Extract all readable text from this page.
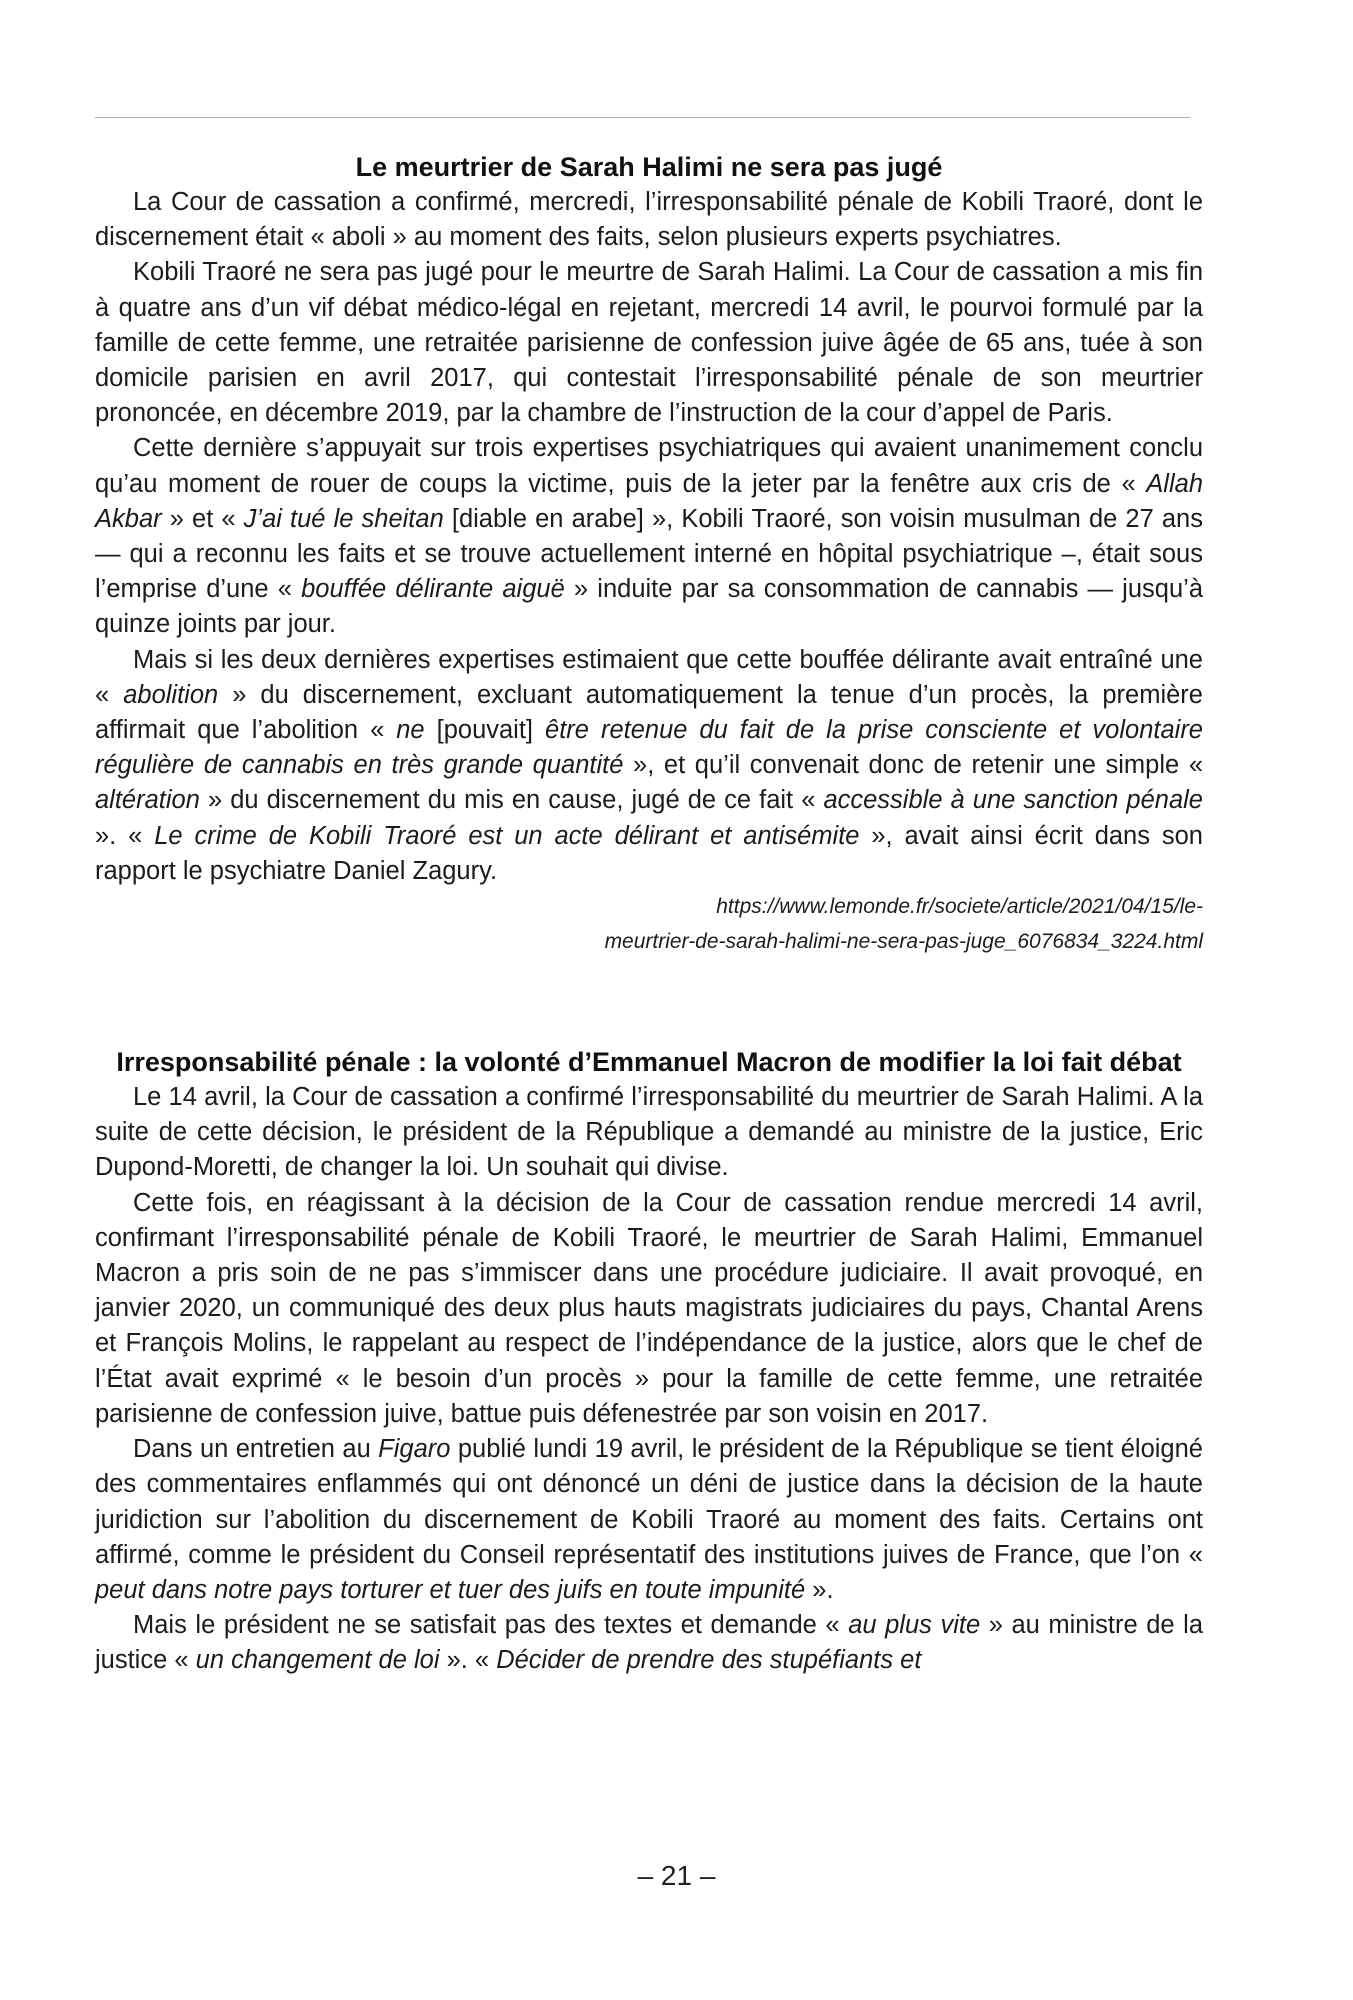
Le meurtrier de Sarah Halimi ne sera pas jugé

La Cour de cassation a confirmé, mercredi, l’irresponsabilité pénale de Kobili Traoré, dont le discernement était « aboli » au moment des faits, selon plusieurs experts psychiatres.

Kobili Traoré ne sera pas jugé pour le meurtre de Sarah Halimi. La Cour de cassation a mis fin à quatre ans d’un vif débat médico-légal en rejetant, mercredi 14 avril, le pourvoi formulé par la famille de cette femme, une retraitée parisienne de confession juive âgée de 65 ans, tuée à son domicile parisien en avril 2017, qui contestait l’irresponsabilité pénale de son meurtrier prononcée, en décembre 2019, par la chambre de l’instruction de la cour d’appel de Paris.

Cette dernière s’appuyait sur trois expertises psychiatriques qui avaient unanimement conclu qu’au moment de rouer de coups la victime, puis de la jeter par la fenêtre aux cris de « Allah Akbar » et « J’ai tué le sheitan [diable en arabe] », Kobili Traoré, son voisin musulman de 27 ans — qui a reconnu les faits et se trouve actuellement interné en hôpital psychiatrique –, était sous l’emprise d’une « bouffée délirante aiguë » induite par sa consommation de cannabis — jusqu’à quinze joints par jour.

Mais si les deux dernières expertises estimaient que cette bouffée délirante avait entraîné une « abolition » du discernement, excluant automatiquement la tenue d’un procès, la première affirmait que l’abolition « ne [pouvait] être retenue du fait de la prise consciente et volontaire régulière de cannabis en très grande quantité », et qu’il convenait donc de retenir une simple « altération » du discernement du mis en cause, jugé de ce fait « accessible à une sanction pénale ». « Le crime de Kobili Traoré est un acte délirant et antisémite », avait ainsi écrit dans son rapport le psychiatre Daniel Zagury.

https://www.lemonde.fr/societe/article/2021/04/15/le-
meurtrier-de-sarah-halimi-ne-sera-pas-juge_6076834_3224.html
Irresponsabilité pénale : la volonté d’Emmanuel Macron de modifier la loi fait débat

Le 14 avril, la Cour de cassation a confirmé l’irresponsabilité du meurtrier de Sarah Halimi. A la suite de cette décision, le président de la République a demandé au ministre de la justice, Eric Dupond-Moretti, de changer la loi. Un souhait qui divise.

Cette fois, en réagissant à la décision de la Cour de cassation rendue mercredi 14 avril, confirmant l’irresponsabilité pénale de Kobili Traoré, le meurtrier de Sarah Halimi, Emmanuel Macron a pris soin de ne pas s’immiscer dans une procédure judiciaire. Il avait provoqué, en janvier 2020, un communiqué des deux plus hauts magistrats judiciaires du pays, Chantal Arens et François Molins, le rappelant au respect de l’indépendance de la justice, alors que le chef de l’État avait exprimé « le besoin d’un procès » pour la famille de cette femme, une retraitée parisienne de confession juive, battue puis défenestrée par son voisin en 2017.

Dans un entretien au Figaro publié lundi 19 avril, le président de la République se tient éloigné des commentaires enflammés qui ont dénoncé un déni de justice dans la décision de la haute juridiction sur l’abolition du discernement de Kobili Traoré au moment des faits. Certains ont affirmé, comme le président du Conseil représentatif des institutions juives de France, que l’on « peut dans notre pays torturer et tuer des juifs en toute impunité ».

Mais le président ne se satisfait pas des textes et demande « au plus vite » au ministre de la justice « un changement de loi ». « Décider de prendre des stupéfiants et

– 21 –
